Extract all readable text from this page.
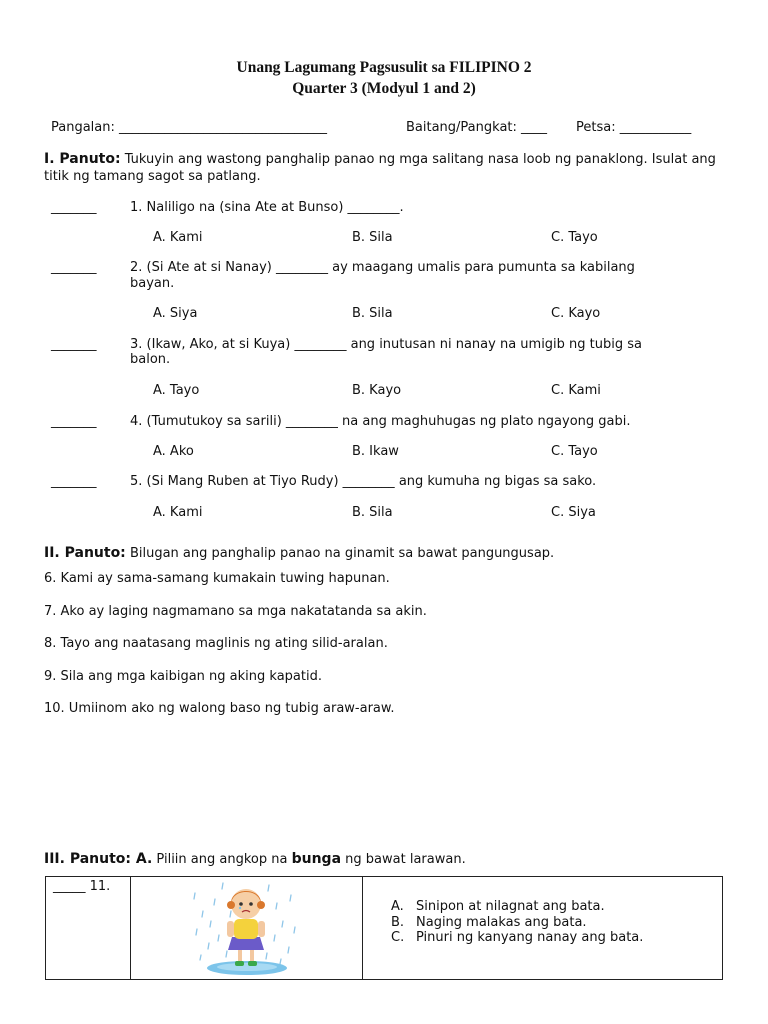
Unang Lagumang Pagsusulit sa FILIPINO 2
Quarter 3 (Modyul 1 and 2)
Pangalan: ________________________________	Baitang/Pangkat: ____ Petsa: ___________
I. Panuto: Tukuyin ang wastong panghalip panao ng mga salitang nasa loob ng panaklong. Isulat ang titik ng tamang sagot sa patlang.
_______	1. Naliligo na (sina Ate at Bunso) ________.
A. Kami	B. Sila	C. Tayo
_______	2. (Si Ate at si Nanay) ________ ay maagang umalis para pumunta sa kabilang
bayan.
A. Siya	B. Sila	C. Kayo
_______	3. (Ikaw, Ako, at si Kuya) ________ ang inutusan ni nanay na umigib ng tubig sa
balon.
A. Tayo	B. Kayo	C. Kami
_______	4. (Tumutukoy sa sarili) ________ na ang maghuhugas ng plato ngayong gabi.
A. Ako	B. Ikaw	C. Tayo
_______	5. (Si Mang Ruben at Tiyo Rudy) ________ ang kumuha ng bigas sa sako.
A. Kami	B. Sila	C. Siya
II. Panuto: Bilugan ang panghalip panao na ginamit sa bawat pangungusap.
6. Kami ay sama-samang kumakain tuwing hapunan.
7. Ako ay laging nagmamano sa mga nakatatanda sa akin.
8. Tayo ang naatasang maglinis ng ating silid-aralan.
9. Sila ang mga kaibigan ng aking kapatid.
10. Umiinom ako ng walong baso ng tubig araw-araw.
III. Panuto: A. Piliin ang angkop na bunga ng bawat larawan.
_____ 11.

A. Sinipon at nilagnat ang bata.
B. Naging malakas ang bata.
C. Pinuri ng kanyang nanay ang bata.
